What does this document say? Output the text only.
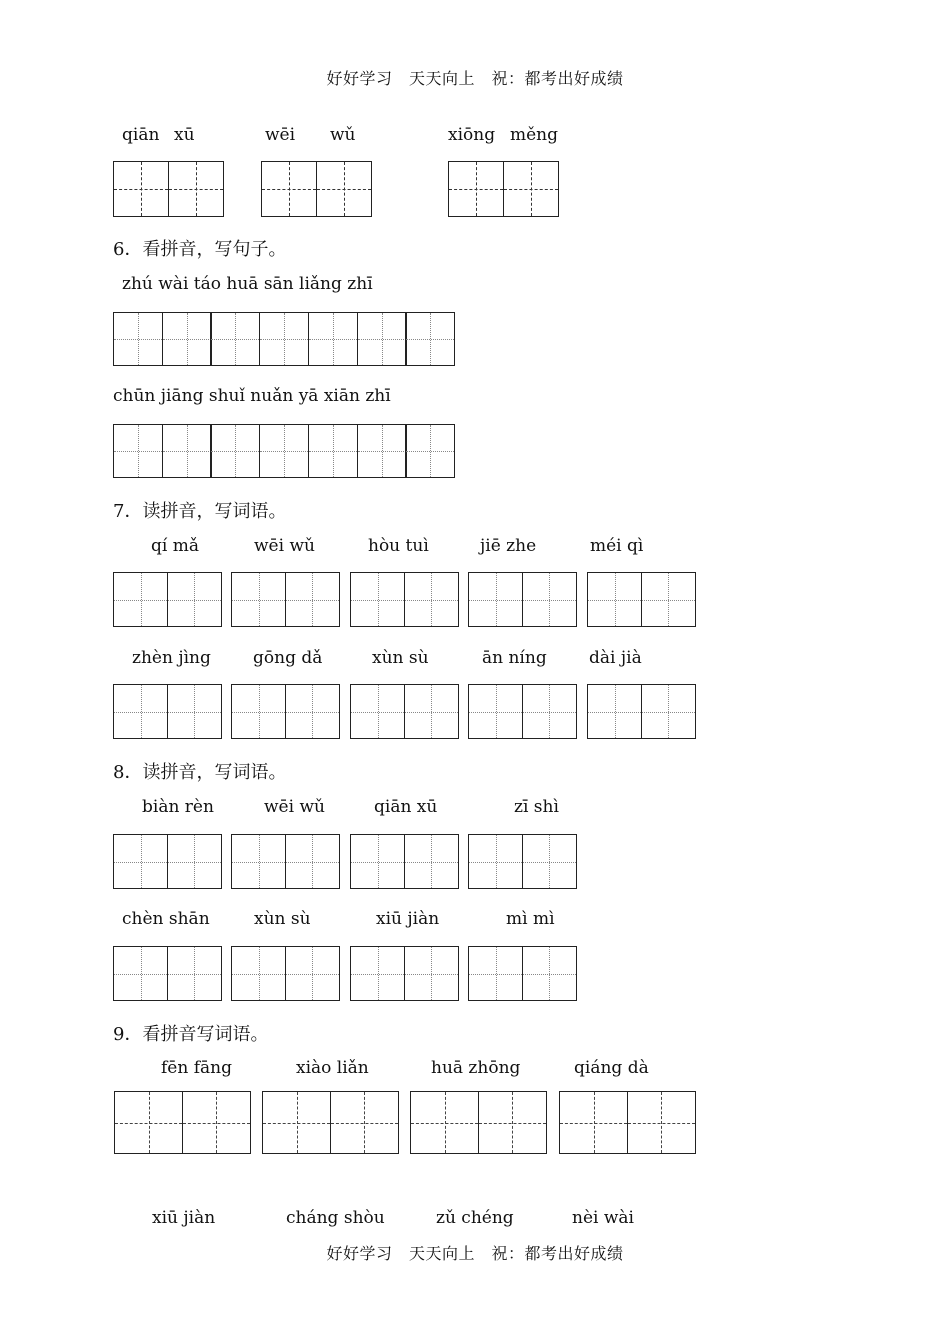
好好学习　天天向上　祝：都考出好成绩
qiān xū	wēi wǔ	xiōng měng
6．看拼音，写句子。
zhú wài táo huā sān liǎng zhī
chūn jiāng shuǐ nuǎn yā xiān zhī
7．读拼音，写词语。
qí mǎ	wēi wǔ	hòu tuì	jiē zhe	méi qì
zhèn jìng gōng dǎ	xùn sù	ān níng dài jià
8．读拼音，写词语。
biàn rèn	wēi wǔ	qiān xū	zī shì
chèn shān	xùn sù	xiū jiàn	mì mì
9．看拼音写词语。
fēn fāng	xiào liǎn	huā zhōng	qiáng dà
xiū jiàn	cháng shòu	zǔ chéng	nèi wài
好好学习　天天向上　祝：都考出好成绩
